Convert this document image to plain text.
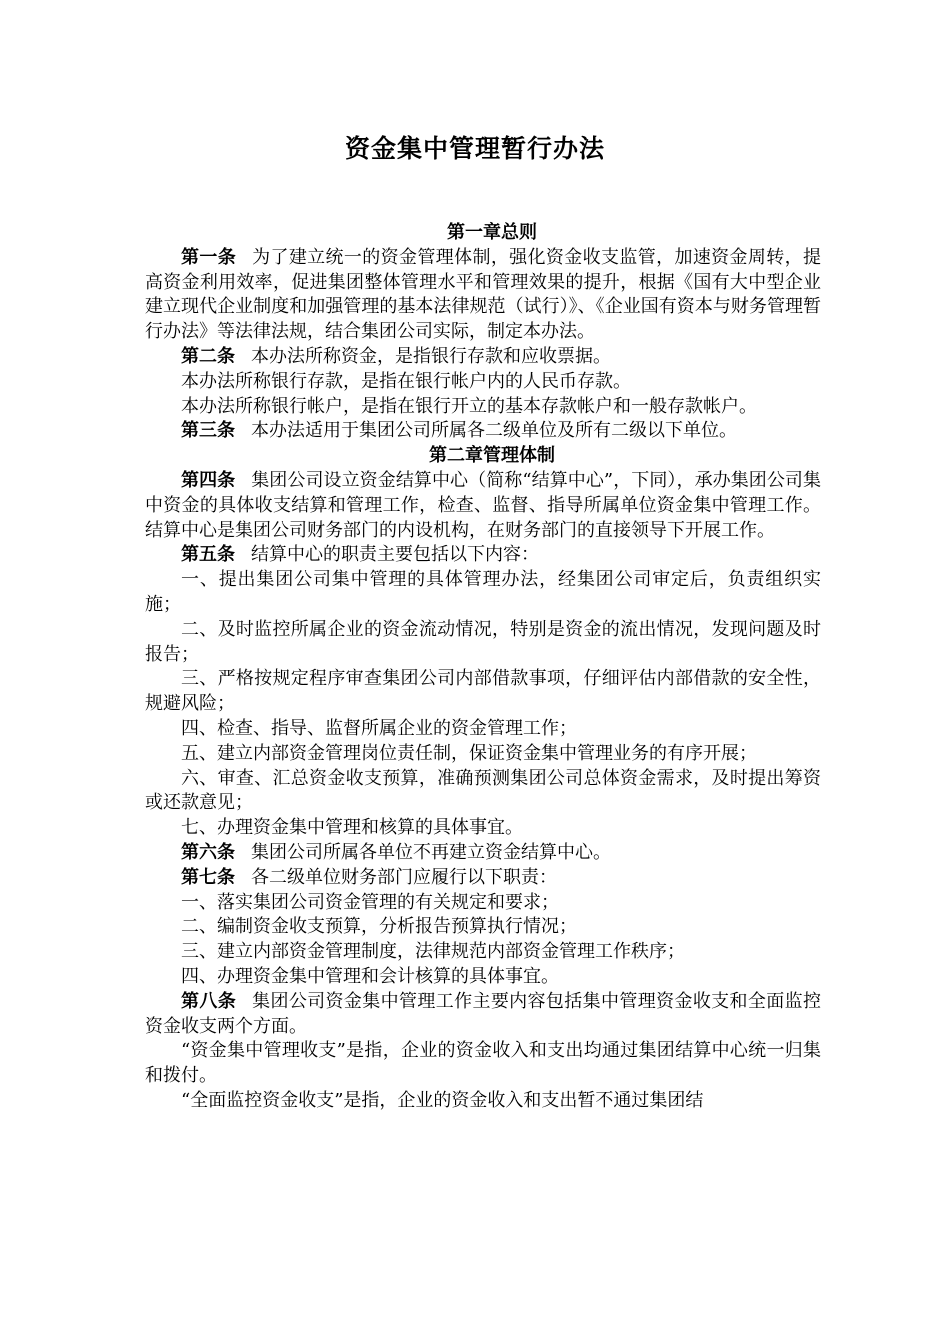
资金集中管理暂行办法

第一章总则

第一条 为了建立统一的资金管理体制，强化资金收支监管，加速资金周转，提高资金利用效率，促进集团整体管理水平和管理效果的提升，根据《国有大中型企业建立现代企业制度和加强管理的基本法律规范（试行）》、《企业国有资本与财务管理暂行办法》等法律法规，结合集团公司实际，制定本办法。

第二条 本办法所称资金，是指银行存款和应收票据。

本办法所称银行存款，是指在银行帐户内的人民币存款。

本办法所称银行帐户，是指在银行开立的基本存款帐户和一般存款帐户。

第三条 本办法适用于集团公司所属各二级单位及所有二级以下单位。

第二章管理体制

第四条 集团公司设立资金结算中心（简称“结算中心”，下同），承办集团公司集中资金的具体收支结算和管理工作，检查、监督、指导所属单位资金集中管理工作。结算中心是集团公司财务部门的内设机构，在财务部门的直接领导下开展工作。

第五条 结算中心的职责主要包括以下内容：

一、提出集团公司集中管理的具体管理办法，经集团公司审定后，负责组织实施；

二、及时监控所属企业的资金流动情况，特别是资金的流出情况，发现问题及时报告；

三、严格按规定程序审查集团公司内部借款事项，仔细评估内部借款的安全性，规避风险；

四、检查、指导、监督所属企业的资金管理工作；

五、建立内部资金管理岗位责任制，保证资金集中管理业务的有序开展；

六、审查、汇总资金收支预算，准确预测集团公司总体资金需求，及时提出筹资或还款意见；

七、办理资金集中管理和核算的具体事宜。

第六条 集团公司所属各单位不再建立资金结算中心。

第七条 各二级单位财务部门应履行以下职责：

一、落实集团公司资金管理的有关规定和要求；

二、编制资金收支预算，分析报告预算执行情况；

三、建立内部资金管理制度，法律规范内部资金管理工作秩序；

四、办理资金集中管理和会计核算的具体事宜。

第八条 集团公司资金集中管理工作主要内容包括集中管理资金收支和全面监控资金收支两个方面。

“资金集中管理收支”是指，企业的资金收入和支出均通过集团结算中心统一归集和拨付。

“全面监控资金收支”是指，企业的资金收入和支出暂不通过集团结
